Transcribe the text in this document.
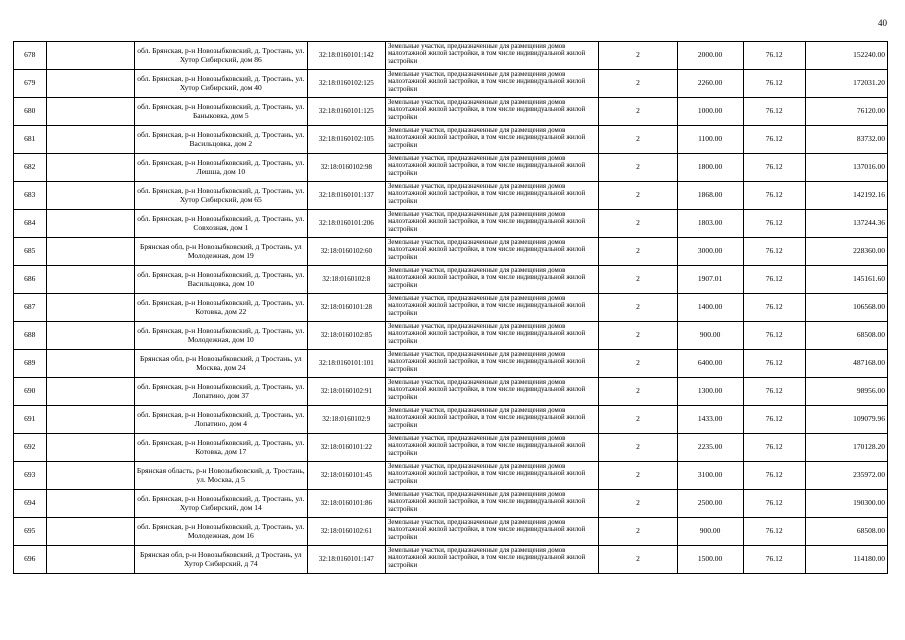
40
678		обл. Брянская, р-н Новозыбковский, д. Тростань, ул. Хутор Сибирский, дом 86	32:18:0160101:142	Земельные участки, предназначенные для размещения домов малоэтажной жилой застройки, в том числе индивидуальной жилой застройки	2	2000.00	76.12	152240.00
679		обл. Брянская, р-н Новозыбковский, д. Тростань, ул. Хутор Сибирский, дом 40	32:18:0160102:125	Земельные участки, предназначенные для размещения домов малоэтажной жилой застройки, в том числе индивидуальной жилой застройки	2	2260.00	76.12	172031.20
680		обл. Брянская, р-н Новозыбковский, д. Тростань, ул. Баныковка, дом 5	32:18:0160101:125	Земельные участки, предназначенные для размещения домов малоэтажной жилой застройки, в том числе индивидуальной жилой застройки	2	1000.00	76.12	76120.00
681		обл. Брянская, р-н Новозыбковский, д. Тростань, ул. Васильцовка, дом 2	32:18:0160102:105	Земельные участки, предназначенные для размещения домов малоэтажной жилой застройки, в том числе индивидуальной жилой застройки	2	1100.00	76.12	83732.00
682		обл. Брянская, р-н Новозыбковский, д. Тростань, ул. Лешша, дом 10	32:18:0160102:98	Земельные участки, предназначенные для размещения домов малоэтажной жилой застройки, в том числе индивидуальной жилой застройки	2	1800.00	76.12	137016.00
683		обл. Брянская, р-н Новозыбковский, д. Тростань, ул. Хутор Сибирский, дом 65	32:18:0160101:137	Земельные участки, предназначенные для размещения домов малоэтажной жилой застройки, в том числе индивидуальной жилой застройки	2	1868.00	76.12	142192.16
684		обл. Брянская, р-н Новозыбковский, д. Тростань, ул. Совхозная, дом 1	32:18:0160101:206	Земельные участки, предназначенные для размещения домов малоэтажной жилой застройки, в том числе индивидуальной жилой застройки	2	1803.00	76.12	137244.36
685		Брянская обл, р-н Новозыбковский, д Тростань, ул Молодежная, дом 19	32:18:0160102:60	Земельные участки, предназначенные для размещения домов малоэтажной жилой застройки, в том числе индивидуальной жилой застройки	2	3000.00	76.12	228360.00
686		обл. Брянская, р-н Новозыбковский, д. Тростань, ул. Васильцовка, дом 10	32:18:0160102:8	Земельные участки, предназначенные для размещения домов малоэтажной жилой застройки, в том числе индивидуальной жилой застройки	2	1907.01	76.12	145161.60
687		обл. Брянская, р-н Новозыбковский, д. Тростань, ул. Котовка, дом 22	32:18:0160101:28	Земельные участки, предназначенные для размещения домов малоэтажной жилой застройки, в том числе индивидуальной жилой застройки	2	1400.00	76.12	106568.00
688		обл. Брянская, р-н Новозыбковский, д. Тростань, ул. Молодежная, дом 10	32:18:0160102:85	Земельные участки, предназначенные для размещения домов малоэтажной жилой застройки, в том числе индивидуальной жилой застройки	2	900.00	76.12	68508.00
689		Брянская обл, р-н Новозыбковский, д Тростань, ул Москва, дом 24	32:18:0160101:101	Земельные участки, предназначенные для размещения домов малоэтажной жилой застройки, в том числе индивидуальной жилой застройки	2	6400.00	76.12	487168.00
690		обл. Брянская, р-н Новозыбковский, д. Тростань, ул. Лопатино, дом 37	32:18:0160102:91	Земельные участки, предназначенные для размещения домов малоэтажной жилой застройки, в том числе индивидуальной жилой застройки	2	1300.00	76.12	98956.00
691		обл. Брянская, р-н Новозыбковский, д. Тростань, ул. Лопатино, дом 4	32:18:0160102:9	Земельные участки, предназначенные для размещения домов малоэтажной жилой застройки, в том числе индивидуальной жилой застройки	2	1433.00	76.12	109079.96
692		обл. Брянская, р-н Новозыбковский, д. Тростань, ул. Котовка, дом 17	32:18:0160101:22	Земельные участки, предназначенные для размещения домов малоэтажной жилой застройки, в том числе индивидуальной жилой застройки	2	2235.00	76.12	170128.20
693		Брянская область, р-н Новозыбковский, д. Тростань, ул. Москва, д 5	32:18:0160101:45	Земельные участки, предназначенные для размещения домов малоэтажной жилой застройки, в том числе индивидуальной жилой застройки	2	3100.00	76.12	235972.00
694		обл. Брянская, р-н Новозыбковский, д. Тростань, ул. Хутор Сибирский, дом 14	32:18:0160101:86	Земельные участки, предназначенные для размещения домов малоэтажной жилой застройки, в том числе индивидуальной жилой застройки	2	2500.00	76.12	190300.00
695		обл. Брянская, р-н Новозыбковский, д. Тростань, ул. Молодежная, дом 16	32:18:0160102:61	Земельные участки, предназначенные для размещения домов малоэтажной жилой застройки, в том числе индивидуальной жилой застройки	2	900.00	76.12	68508.00
696		Брянская обл, р-н Новозыбковский, д Тростань, ул Хутор Сибирский, д 74	32:18:0160101:147	Земельные участки, предназначенные для размещения домов малоэтажной жилой застройки, в том числе индивидуальной жилой застройки	2	1500.00	76.12	114180.00
